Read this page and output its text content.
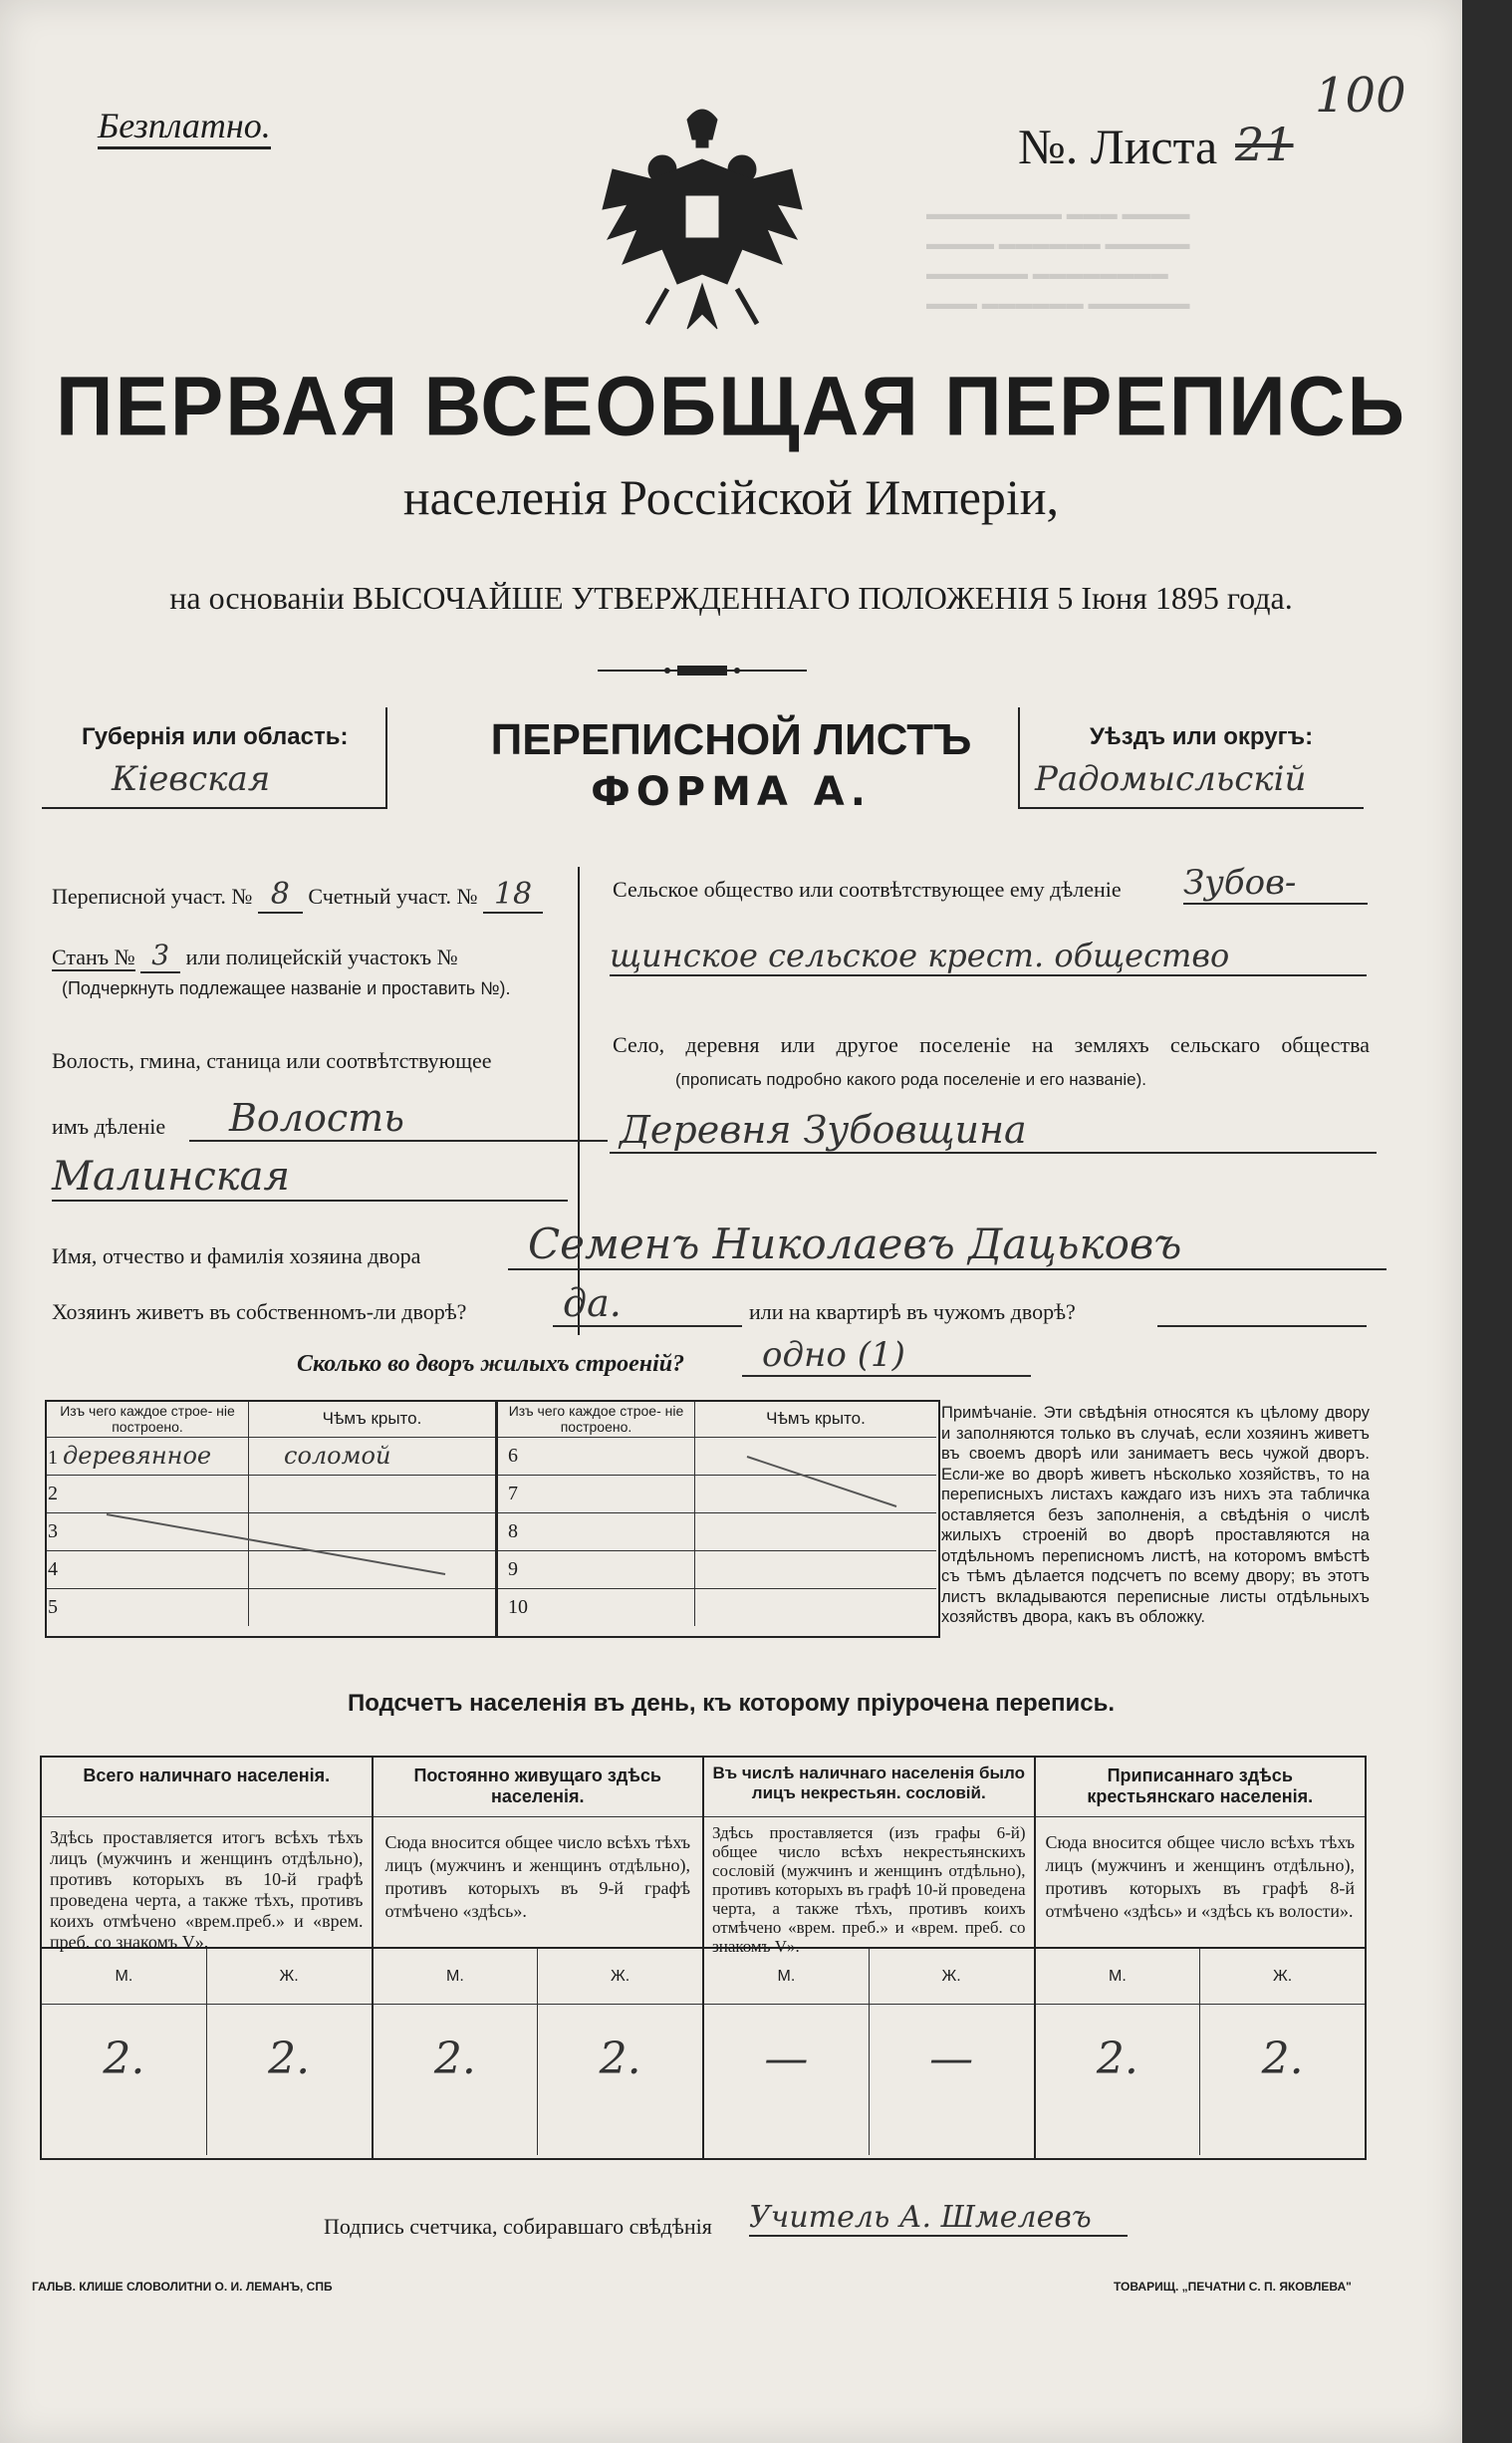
▬▬▬▬▬▬▬▬ ▬▬▬ ▬▬▬▬
▬▬▬▬ ▬▬▬▬▬▬ ▬▬▬▬▬
▬▬▬▬▬▬ ▬▬▬▬▬▬▬▬
▬▬▬ ▬▬▬▬▬▬ ▬▬▬▬▬▬
Безплатно.	№. Листа 21
100
ПЕРВАЯ ВСЕОБЩАЯ ПЕРЕПИСЬ
населенія Россійской Имперіи,
на основаніи ВЫСОЧАЙШЕ УТВЕРЖДЕННАГО ПОЛОЖЕНІЯ 5 Іюня 1895 года.
Губернія или область:
Кіевская
ПЕРЕПИСНОЙ ЛИСТЪ
ФОРМА А.
Уѣздъ или округъ:
Радомысльскій
Переписной участ. № 8 Счетный участ. № 18
Станъ № 3 или полицейскій участокъ №
(Подчеркнуть подлежащее названіе и проставить №).
Волость, гмина, станица или соотвѣтствующее
имъ дѣленіе	Волость
Малинская
Сельское общество или соотвѣтствующее ему дѣленіе Зубов-
щинское сельское крест. общество
Село, деревня или другое поселеніе на земляхъ сельскаго общества
(прописать подробно какого рода поселеніе и его названіе).
Деревня Зубовщина
Имя, отчество и фамилія хозяина двора	Семенъ Николаевъ Дацьковъ
Хозяинъ живетъ въ собственномъ-ли дворѣ?	да.	или на квартирѣ въ чужомъ дворѣ?
Сколько во дворъ жилыхъ строеній?	одно (1)
Изъ чего каждое строе- ніе построено.	Чѣмъ крыто.
1 деревянное	соломой
2	
3	
4	
5	
Изъ чего каждое строе- ніе построено.	Чѣмъ крыто.
6	
7	
8	
9	
10	
Примѣчаніе. Эти свѣдѣнія относятся къ цѣлому двору и заполняются только въ случаѣ, если хозяинъ живетъ въ своемъ дворѣ или занимаетъ весь чужой дворъ. Если-же во дворѣ живетъ нѣсколько хозяйствъ, то на переписныхъ листахъ каждаго изъ нихъ эта табличка оставляется безъ заполненія, а свѣдѣнія о числѣ жилыхъ строеній во дворѣ проставляются на отдѣльномъ переписномъ листѣ, на которомъ вмѣстѣ съ тѣмъ дѣлается подсчетъ по всему двору; въ этотъ листъ вкладываются переписные листы отдѣльныхъ хозяйствъ двора, какъ въ обложку.
Подсчетъ населенія въ день, къ которому пріурочена перепись.
Всего наличнаго населенія.
Здѣсь проставляется итогъ всѣхъ тѣхъ лицъ (мужчинъ и женщинъ отдѣльно), противъ которыхъ въ 10-й графѣ проведена черта, а также тѣхъ, противъ коихъ отмѣчено «врем.преб.» и «врем. преб. со знакомъ V».
М.	Ж.
2.	2.
Постоянно живущаго здѣсь населенія.
Сюда вносится общее число всѣхъ тѣхъ лицъ (мужчинъ и женщинъ отдѣльно), противъ которыхъ въ 9-й графѣ отмѣчено «здѣсь».
М.	Ж.
2.	2.
Въ числѣ наличнаго населенія было лицъ некрестьян. сословій.
Здѣсь проставляется (изъ графы 6-й) общее число всѣхъ некрестьянскихъ сословій (мужчинъ и женщинъ отдѣльно), противъ которыхъ въ графѣ 10-й проведена черта, а также тѣхъ, противъ коихъ отмѣчено «врем. преб.» и «врем. преб. со знакомъ V».
М.	Ж.
—	—
Приписаннаго здѣсь крестьянскаго населенія.
Сюда вносится общее число всѣхъ тѣхъ лицъ (мужчинъ и женщинъ отдѣльно), противъ которыхъ въ графѣ 8-й отмѣчено «здѣсь» и «здѣсь къ волости».
М.	Ж.
2.	2.
Подпись счетчика, собиравшаго свѣдѣнія Учитель А. Шмелевъ
ГАЛЬВ. КЛИШЕ СЛОВОЛИТНИ О. И. ЛЕМАНЪ, СПБ	ТОВАРИЩ. „ПЕЧАТНИ С. П. ЯКОВЛЕВА"
